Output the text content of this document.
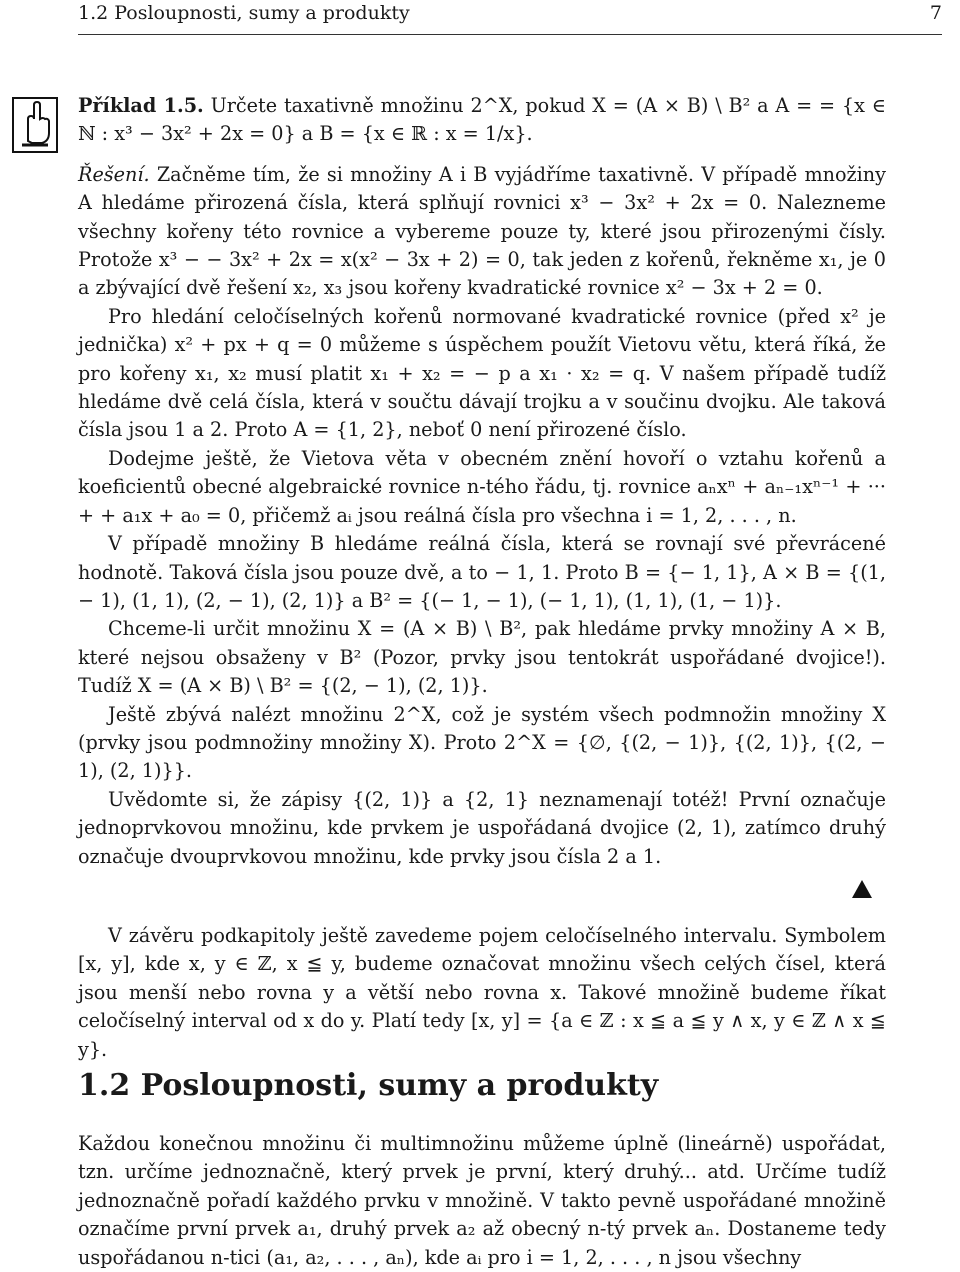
1.2 Posloupnosti, sumy a produkty	7

Příklad 1.5. Určete taxativně množinu 2^X, pokud X = (A × B) \ B² a A = = {x ∈ ℕ : x³ − 3x² + 2x = 0} a B = {x ∈ ℝ : x = 1/x}.

Řešení. Začněme tím, že si množiny A i B vyjádříme taxativně. V případě množiny A hledáme přirozená čísla, která splňují rovnici x³ − 3x² + 2x = 0. Nalezneme všechny kořeny této rovnice a vybereme pouze ty, které jsou přirozenými čísly. Protože x³ − − 3x² + 2x = x(x² − 3x + 2) = 0, tak jeden z kořenů, řekněme x₁, je 0 a zbývající dvě řešení x₂, x₃ jsou kořeny kvadratické rovnice x² − 3x + 2 = 0.

Pro hledání celočíselných kořenů normované kvadratické rovnice (před x² je jednička) x² + px + q = 0 můžeme s úspěchem použít Vietovu větu, která říká, že pro kořeny x₁, x₂ musí platit x₁ + x₂ = − p a x₁ · x₂ = q. V našem případě tudíž hledáme dvě celá čísla, která v součtu dávají trojku a v součinu dvojku. Ale taková čísla jsou 1 a 2. Proto A = {1, 2}, neboť 0 není přirozené číslo.

Dodejme ještě, že Vietova věta v obecném znění hovoří o vztahu kořenů a koeficientů obecné algebraické rovnice n-tého řádu, tj. rovnice aₙxⁿ + aₙ₋₁xⁿ⁻¹ + ··· + + a₁x + a₀ = 0, přičemž aᵢ jsou reálná čísla pro všechna i = 1, 2, . . . , n.

V případě množiny B hledáme reálná čísla, která se rovnají své převrácené hodnotě. Taková čísla jsou pouze dvě, a to − 1, 1. Proto B = {− 1, 1}, A × B = {(1, − 1), (1, 1), (2, − 1), (2, 1)} a B² = {(− 1, − 1), (− 1, 1), (1, 1), (1, − 1)}.

Chceme-li určit množinu X = (A × B) \ B², pak hledáme prvky množiny A × B, které nejsou obsaženy v B² (Pozor, prvky jsou tentokrát uspořádané dvojice!). Tudíž X = (A × B) \ B² = {(2, − 1), (2, 1)}.

Ještě zbývá nalézt množinu 2^X, což je systém všech podmnožin množiny X (prvky jsou podmnožiny množiny X). Proto 2^X = {∅, {(2, − 1)}, {(2, 1)}, {(2, − 1), (2, 1)}}.

Uvědomte si, že zápisy {(2, 1)} a {2, 1} neznamenají totéž! První označuje jednoprvkovou množinu, kde prvkem je uspořádaná dvojice (2, 1), zatímco druhý označuje dvouprvkovou množinu, kde prvky jsou čísla 2 a 1.

V závěru podkapitoly ještě zavedeme pojem celočíselného intervalu. Symbolem [x, y], kde x, y ∈ ℤ, x ≦ y, budeme označovat množinu všech celých čísel, která jsou menší nebo rovna y a větší nebo rovna x. Takové množině budeme říkat celočíselný interval od x do y. Platí tedy [x, y] = {a ∈ ℤ : x ≦ a ≦ y ∧ x, y ∈ ℤ ∧ x ≦ y}.

1.2 Posloupnosti, sumy a produkty

Každou konečnou množinu či multimnožinu můžeme úplně (lineárně) uspořádat, tzn. určíme jednoznačně, který prvek je první, který druhý... atd. Určíme tudíž jednoznačně pořadí každého prvku v množině. V takto pevně uspořádané množině označíme první prvek a₁, druhý prvek a₂ až obecný n-tý prvek aₙ. Dostaneme tedy uspořádanou n-tici (a₁, a₂, . . . , aₙ), kde aᵢ pro i = 1, 2, . . . , n jsou všechny
